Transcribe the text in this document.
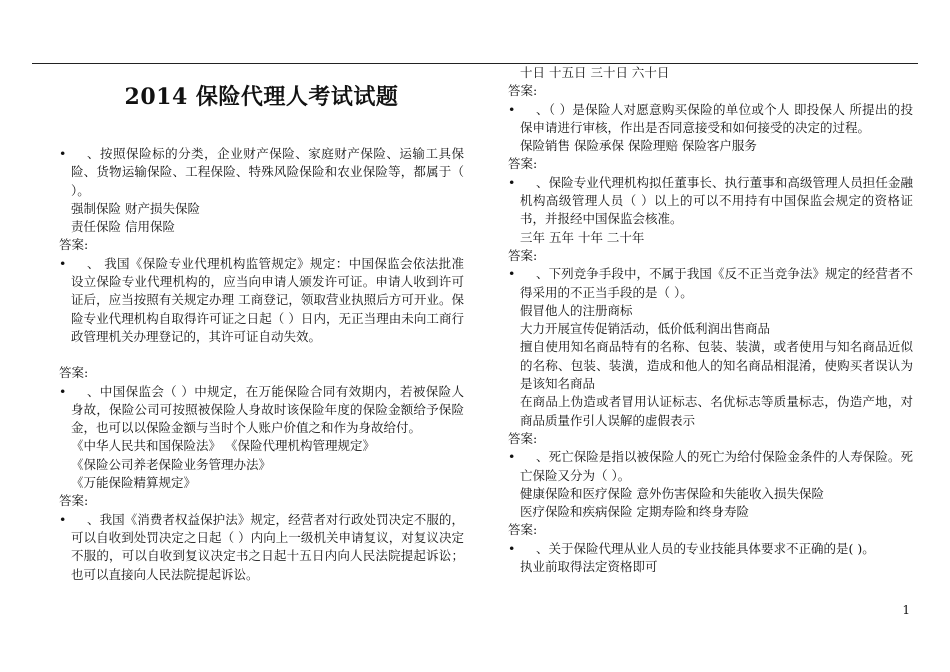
2014 保险代理人考试试题

• 、按照保险标的分类，企业财产保险、家庭财产保险、运输工具保险、货物运输保险、工程保险、特殊风险保险和农业保险等，都属于（ ）。

强制保险 财产损失保险

责任保险 信用保险

答案:

• 、 我国《保险专业代理机构监管规定》规定：中国保监会依法批准设立保险专业代理机构的，应当向申请人颁发许可证。申请人收到许可证后，应当按照有关规定办理 工商登记，领取营业执照后方可开业。保险专业代理机构自取得许可证之日起（ ）日内，无正当理由未向工商行政管理机关办理登记的，其许可证自动失效。

答案:

• 、中国保监会（ ）中规定，在万能保险合同有效期内，若被保险人身故，保险公司可按照被保险人身故时该保险年度的保险金额给予保险金，也可以以保险金额与当时个人账户价值之和作为身故给付。

《中华人民共和国保险法》 《保险代理机构管理规定》

《保险公司养老保险业务管理办法》

《万能保险精算规定》

答案:

• 、我国《消费者权益保护法》规定，经营者对行政处罚决定不服的，可以自收到处罚决定之日起（ ）内向上一级机关申请复议，对复议决定不服的，可以自收到复议决定书之日起十五日内向人民法院提起诉讼；也可以直接向人民法院提起诉讼。

十日 十五日 三十日 六十日

答案:

• 、（ ）是保险人对愿意购买保险的单位或个人 即投保人 所提出的投保申请进行审核，作出是否同意接受和如何接受的决定的过程。

保险销售 保险承保 保险理赔 保险客户服务

答案:

• 、保险专业代理机构拟任董事长、执行董事和高级管理人员担任金融机构高级管理人员（ ）以上的可以不用持有中国保监会规定的资格证书，并报经中国保监会核准。

三年 五年 十年 二十年

答案:

• 、下列竞争手段中，不属于我国《反不正当竞争法》规定的经营者不得采用的不正当手段的是（ ）。

假冒他人的注册商标

大力开展宣传促销活动，低价低利润出售商品

擅自使用知名商品特有的名称、包装、装潢，或者使用与知名商品近似的名称、包装、装潢，造成和他人的知名商品相混淆，使购买者误认为是该知名商品

在商品上伪造或者冒用认证标志、名优标志等质量标志，伪造产地，对商品质量作引人误解的虚假表示

答案:

• 、死亡保险是指以被保险人的死亡为给付保险金条件的人寿保险。死亡保险又分为（ ）。

健康保险和医疗保险 意外伤害保险和失能收入损失保险

医疗保险和疾病保险 定期寿险和终身寿险

答案:

• 、关于保险代理从业人员的专业技能具体要求不正确的是( )。

执业前取得法定资格即可

1
